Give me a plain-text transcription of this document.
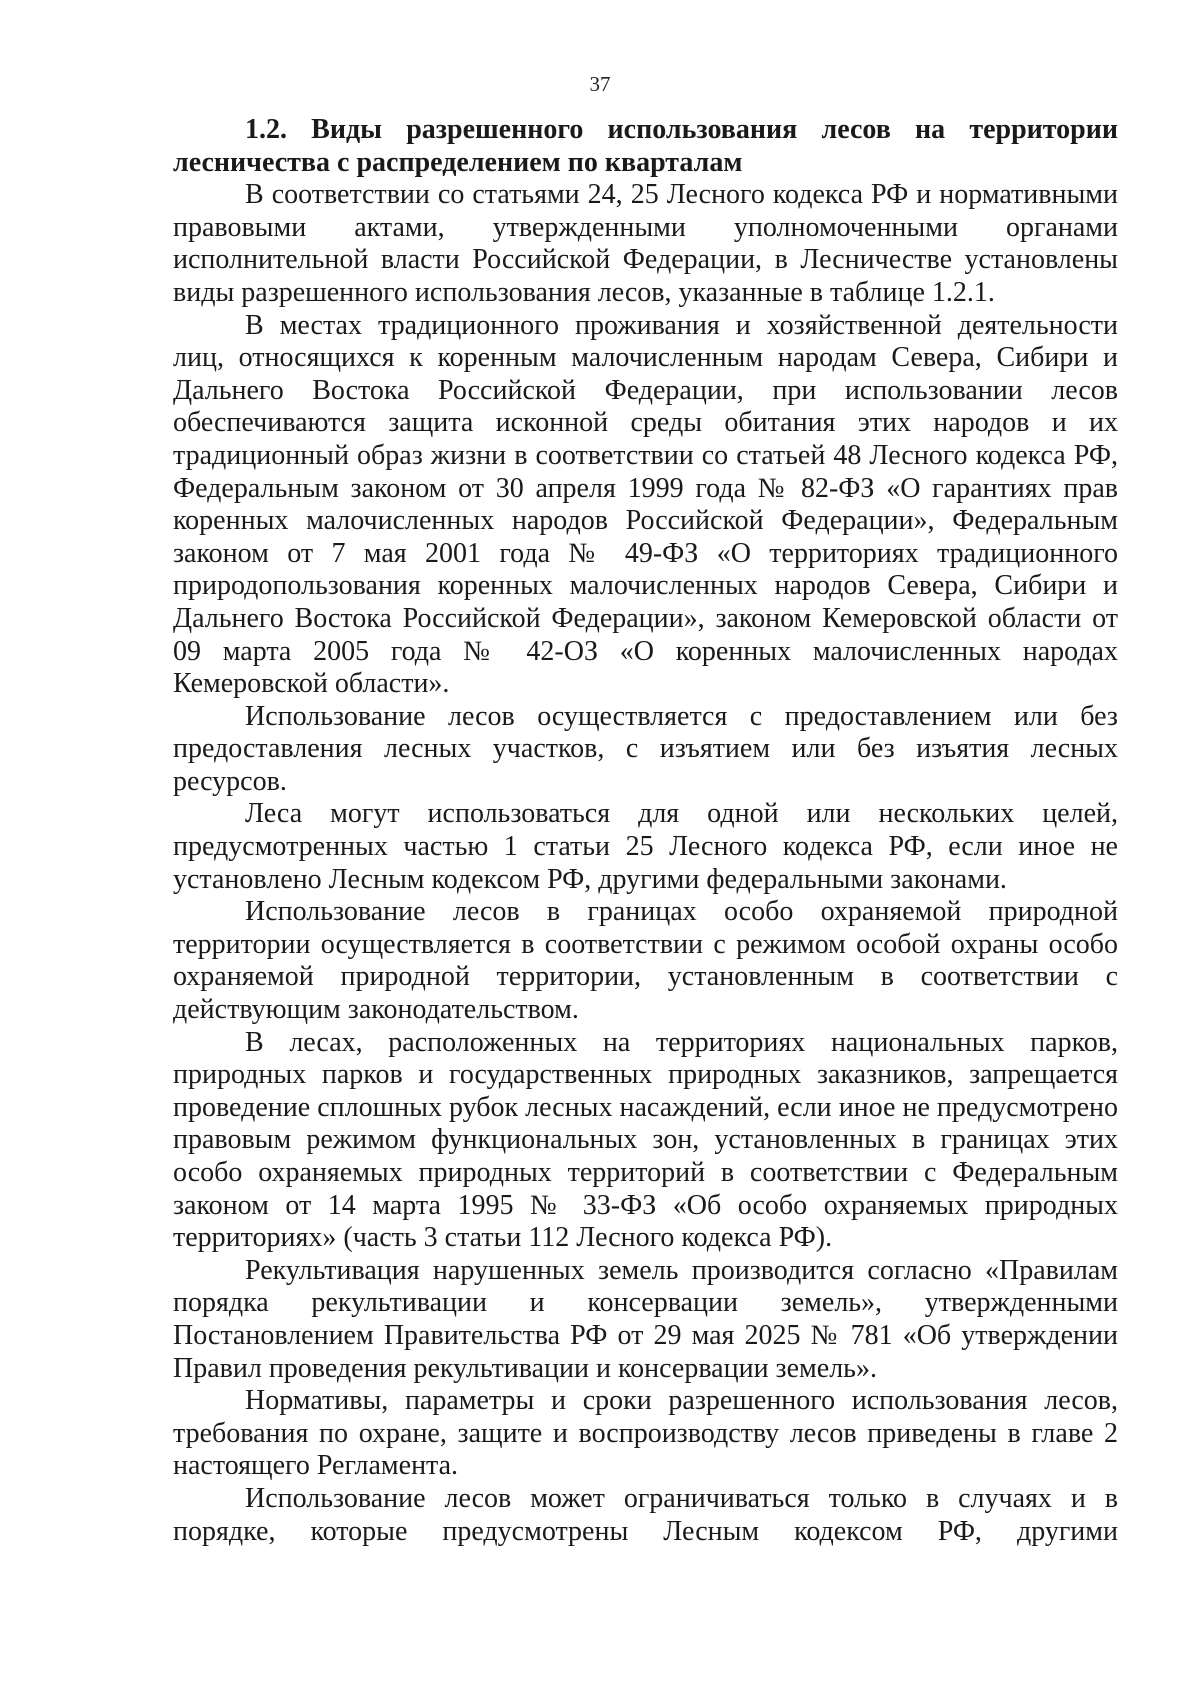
37

1.2. Виды разрешенного использования лесов на территории лесничества с распределением по кварталам

В соответствии со статьями 24, 25 Лесного кодекса РФ и нормативными правовыми актами, утвержденными уполномоченными органами исполнительной власти Российской Федерации, в Лесничестве установлены виды разрешенного использования лесов, указанные в таблице 1.2.1.

В местах традиционного проживания и хозяйственной деятельности лиц, относящихся к коренным малочисленным народам Севера, Сибири и Дальнего Востока Российской Федерации, при использовании лесов обеспечиваются защита исконной среды обитания этих народов и их традиционный образ жизни в соответствии со статьей 48 Лесного кодекса РФ, Федеральным законом от 30 апреля 1999 года № 82-ФЗ «О гарантиях прав коренных малочисленных народов Российской Федерации», Федеральным законом от 7 мая 2001 года № 49-ФЗ «О территориях традиционного природопользования коренных малочисленных народов Севера, Сибири и Дальнего Востока Российской Федерации», законом Кемеровской области от 09 марта 2005 года № 42-ОЗ «О коренных малочисленных народах Кемеровской области».

Использование лесов осуществляется с предоставлением или без предоставления лесных участков, с изъятием или без изъятия лесных ресурсов.

Леса могут использоваться для одной или нескольких целей, предусмотренных частью 1 статьи 25 Лесного кодекса РФ, если иное не установлено Лесным кодексом РФ, другими федеральными законами.

Использование лесов в границах особо охраняемой природной территории осуществляется в соответствии с режимом особой охраны особо охраняемой природной территории, установленным в соответствии с действующим законодательством.

В лесах, расположенных на территориях национальных парков, природных парков и государственных природных заказников, запрещается проведение сплошных рубок лесных насаждений, если иное не предусмотрено правовым режимом функциональных зон, установленных в границах этих особо охраняемых природных территорий в соответствии с Федеральным законом от 14 марта 1995 № 33-ФЗ «Об особо охраняемых природных территориях» (часть 3 статьи 112 Лесного кодекса РФ).

Рекультивация нарушенных земель производится согласно «Правилам порядка рекультивации и консервации земель», утвержденными Постановлением Правительства РФ от 29 мая 2025 № 781 «Об утверждении Правил проведения рекультивации и консервации земель».

Нормативы, параметры и сроки разрешенного использования лесов, требования по охране, защите и воспроизводству лесов приведены в главе 2 настоящего Регламента.

Использование лесов может ограничиваться только в случаях и в порядке, которые предусмотрены Лесным кодексом РФ, другими
